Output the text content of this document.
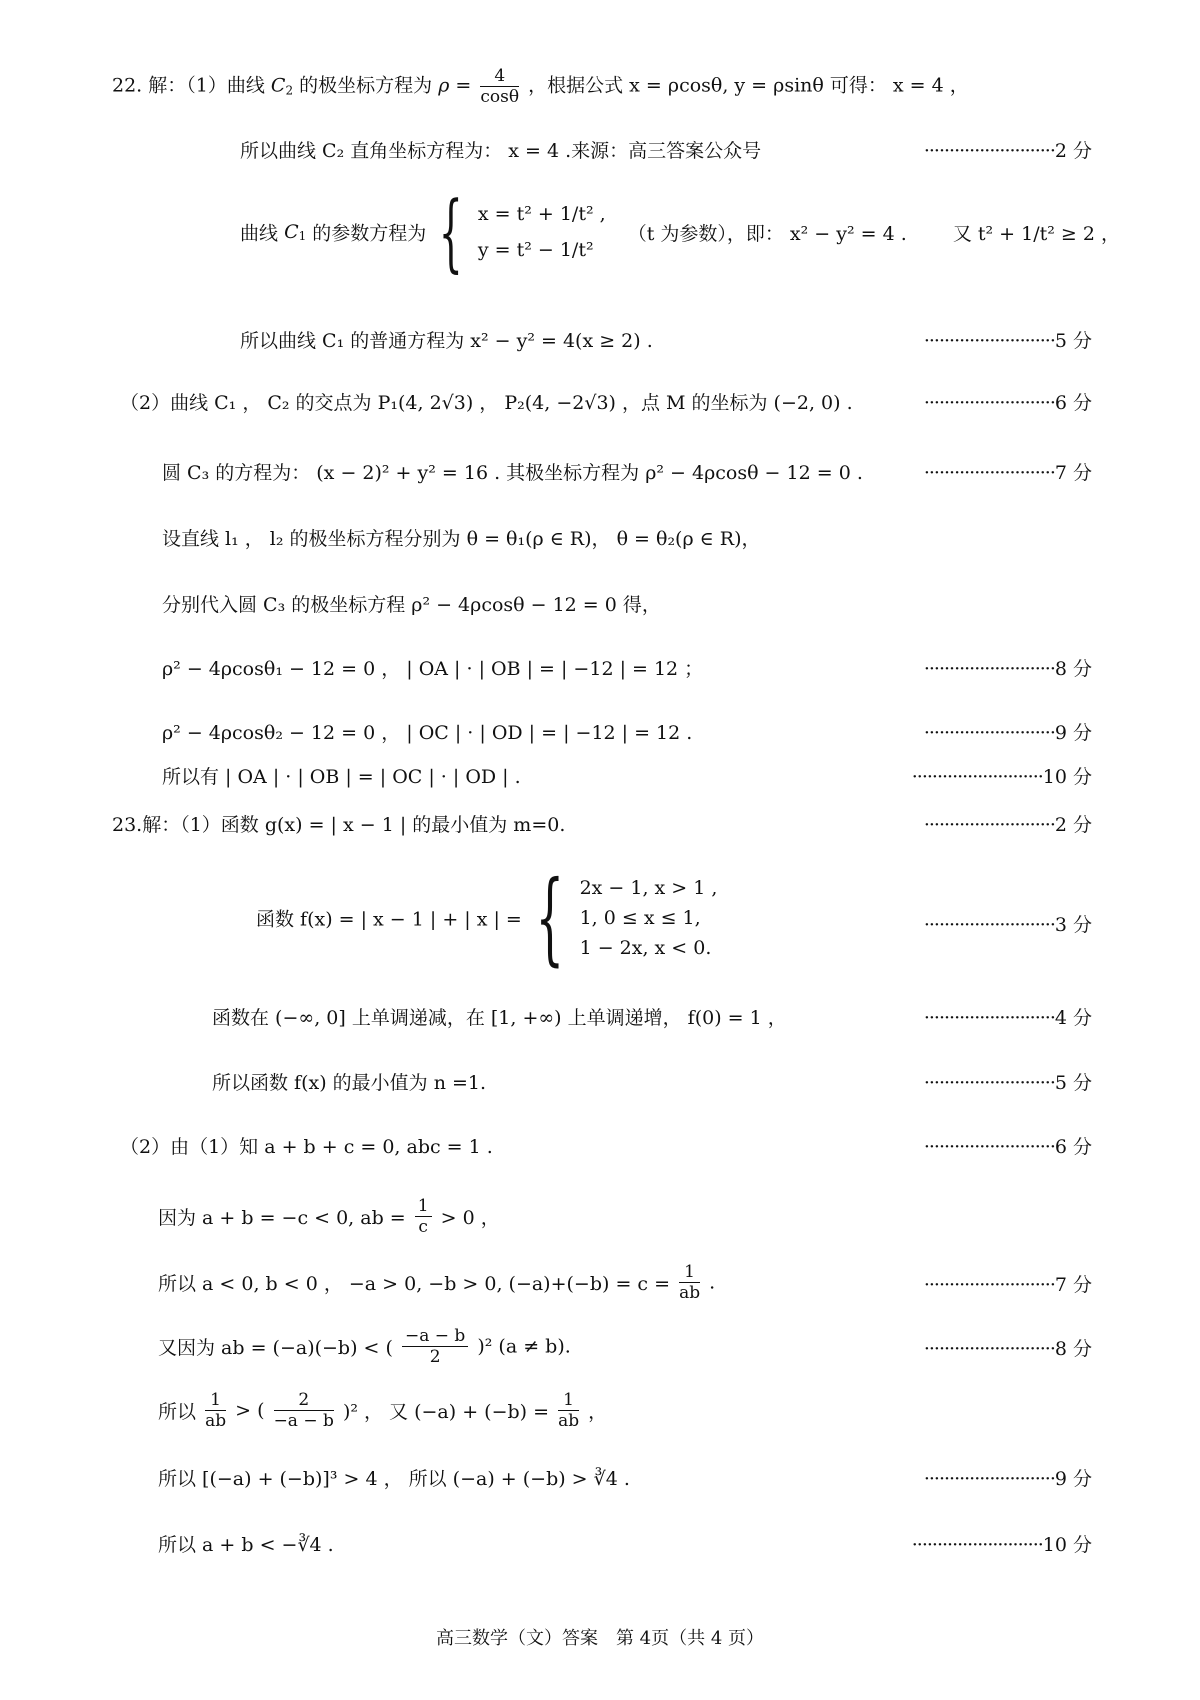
22. 解：（1）曲线 $C_2$ 的极坐标方程为 $\rho = \frac{4}{\cos\theta}$ ，根据公式 x = ρcosθ, y = ρsinθ 可得： x = 4 ，
所以曲线 C₂ 直角坐标方程为： x = 4 .来源：高三答案公众号	··························2 分
曲线 $C_1$ 的参数方程为 { x = t² + 1/t² ,
y = t² − 1/t²
（t 为参数），即： x² − y² = 4 . 又 t² + 1/t² ≥ 2 ，
所以曲线 C₁ 的普通方程为 x² − y² = 4(x ≥ 2) .	··························5 分
（2）曲线 C₁ ， C₂ 的交点为 P₁(4, 2√3) ， P₂(4, −2√3) ，点 M 的坐标为 (−2, 0) .	··························6 分
圆 C₃ 的方程为： (x − 2)² + y² = 16 . 其极坐标方程为 ρ² − 4ρcosθ − 12 = 0 .	··························7 分
设直线 l₁ ， l₂ 的极坐标方程分别为 θ = θ₁(ρ ∈ R)， θ = θ₂(ρ ∈ R)，
分别代入圆 C₃ 的极坐标方程 ρ² − 4ρcosθ − 12 = 0 得，
ρ² − 4ρcosθ₁ − 12 = 0 ， | OA | · | OB | = | −12 | = 12 ；	··························8 分
ρ² − 4ρcosθ₂ − 12 = 0 ， | OC | · | OD | = | −12 | = 12 .	··························9 分
所以有 | OA | · | OB | = | OC | · | OD | .	··························10 分
23.解：（1）函数 g(x) = | x − 1 | 的最小值为 m=0.	··························2 分
函数 f(x) = | x − 1 | + | x | = { 2x − 1, x > 1 ,
1, 0 ≤ x ≤ 1,
1 − 2x, x < 0.
··························3 分
函数在 (−∞, 0] 上单调递减，在 [1, +∞) 上单调递增， f(0) = 1 ，	··························4 分
所以函数 f(x) 的最小值为 n =1.	··························5 分
（2）由（1）知 a + b + c = 0, abc = 1 .	··························6 分
因为 a + b = −c < 0, ab = $\frac{1}{c} > 0$ ，
所以 a < 0, b < 0 ， −a > 0, −b > 0, $(-a)+(-b) = c = \frac{1}{ab}$ .	··························7 分
又因为 ab = (−a)(−b) < ( $\frac{-a - b}{2} )^2$ (a ≠ b).	··························8 分
所以 $\frac{1}{ab}$ > ( $\frac{2}{-a - b} )^2$ ， 又 $(-a) + (-b) = \frac{1}{ab}$ ，
所以 [(−a) + (−b)]³ > 4 ， 所以 (−a) + (−b) > ∛4 .	··························9 分
所以 a + b < −∛4 .	··························10 分
高三数学（文）答案　第 4页（共 4 页）
